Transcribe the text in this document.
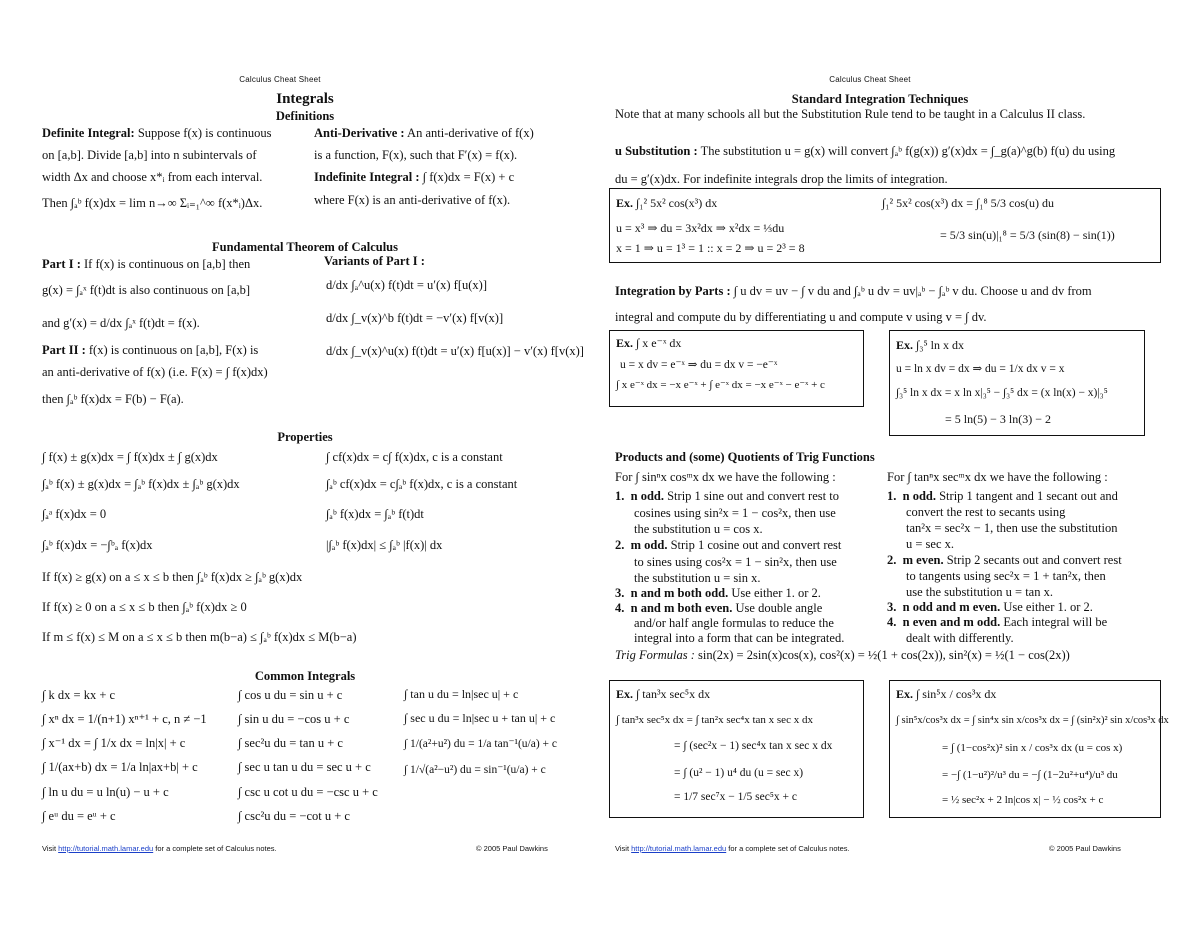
Calculus Cheat Sheet
Integrals
Definitions
Definite Integral: Suppose f(x) is continuous
on [a,b]. Divide [a,b] into n subintervals of
width Δx and choose x*ᵢ from each interval.
Then ∫ₐᵇ f(x)dx = lim n→∞ Σᵢ₌₁^∞ f(x*ᵢ)Δx.
Anti-Derivative : An anti-derivative of f(x)
is a function, F(x), such that F′(x) = f(x).
Indefinite Integral : ∫ f(x)dx = F(x) + c
where F(x) is an anti-derivative of f(x).
Fundamental Theorem of Calculus
Part I : If f(x) is continuous on [a,b] then
g(x) = ∫ₐˣ f(t)dt is also continuous on [a,b]
and g′(x) = d/dx ∫ₐˣ f(t)dt = f(x).
Part II : f(x) is continuous on [a,b], F(x) is
an anti-derivative of f(x) (i.e. F(x) = ∫ f(x)dx)
then ∫ₐᵇ f(x)dx = F(b) − F(a).
Variants of Part I :
d/dx ∫ₐ^u(x) f(t)dt = u′(x) f[u(x)]
d/dx ∫_v(x)^b f(t)dt = −v′(x) f[v(x)]
d/dx ∫_v(x)^u(x) f(t)dt = u′(x) f[u(x)] − v′(x) f[v(x)]
Properties
∫ f(x) ± g(x)dx = ∫ f(x)dx ± ∫ g(x)dx	∫ cf(x)dx = c∫ f(x)dx, c is a constant
∫ₐᵇ f(x) ± g(x)dx = ∫ₐᵇ f(x)dx ± ∫ₐᵇ g(x)dx	∫ₐᵇ cf(x)dx = c∫ₐᵇ f(x)dx, c is a constant
∫ₐᵃ f(x)dx = 0	∫ₐᵇ f(x)dx = ∫ₐᵇ f(t)dt
∫ₐᵇ f(x)dx = −∫ᵇₐ f(x)dx	|∫ₐᵇ f(x)dx| ≤ ∫ₐᵇ |f(x)| dx
If f(x) ≥ g(x) on a ≤ x ≤ b then ∫ₐᵇ f(x)dx ≥ ∫ₐᵇ g(x)dx
If f(x) ≥ 0 on a ≤ x ≤ b then ∫ₐᵇ f(x)dx ≥ 0
If m ≤ f(x) ≤ M on a ≤ x ≤ b then m(b−a) ≤ ∫ₐᵇ f(x)dx ≤ M(b−a)
Common Integrals
∫ k dx = kx + c
∫ xⁿ dx = 1/(n+1) xⁿ⁺¹ + c, n ≠ −1
∫ x⁻¹ dx = ∫ 1/x dx = ln|x| + c
∫ 1/(ax+b) dx = 1/a ln|ax+b| + c
∫ ln u du = u ln(u) − u + c
∫ eᵘ du = eᵘ + c
∫ cos u du = sin u + c
∫ sin u du = −cos u + c
∫ sec²u du = tan u + c
∫ sec u tan u du = sec u + c
∫ csc u cot u du = −csc u + c
∫ csc²u du = −cot u + c
∫ tan u du = ln|sec u| + c
∫ sec u du = ln|sec u + tan u| + c
∫ 1/(a²+u²) du = 1/a tan⁻¹(u/a) + c
∫ 1/√(a²−u²) du = sin⁻¹(u/a) + c
Visit http://tutorial.math.lamar.edu for a complete set of Calculus notes.	© 2005 Paul Dawkins
Calculus Cheat Sheet
Standard Integration Techniques
Note that at many schools all but the Substitution Rule tend to be taught in a Calculus II class.
u Substitution : The substitution u = g(x) will convert ∫ₐᵇ f(g(x)) g′(x)dx = ∫_g(a)^g(b) f(u) du using
du = g′(x)dx. For indefinite integrals drop the limits of integration.
Ex. ∫₁² 5x² cos(x³) dx
u = x³ ⇒ du = 3x²dx ⇒ x²dx = ⅓du
x = 1 ⇒ u = 1³ = 1 :: x = 2 ⇒ u = 2³ = 8
∫₁² 5x² cos(x³) dx = ∫₁⁸ 5/3 cos(u) du
= 5/3 sin(u)|₁⁸ = 5/3 (sin(8) − sin(1))
Integration by Parts : ∫ u dv = uv − ∫ v du and ∫ₐᵇ u dv = uv|ₐᵇ − ∫ₐᵇ v du. Choose u and dv from
integral and compute du by differentiating u and compute v using v = ∫ dv.
Ex. ∫ x e⁻ˣ dx
u = x dv = e⁻ˣ ⇒ du = dx v = −e⁻ˣ
∫ x e⁻ˣ dx = −x e⁻ˣ + ∫ e⁻ˣ dx = −x e⁻ˣ − e⁻ˣ + c
Ex. ∫₃⁵ ln x dx
u = ln x dv = dx ⇒ du = 1/x dx v = x
∫₃⁵ ln x dx = x ln x|₃⁵ − ∫₃⁵ dx = (x ln(x) − x)|₃⁵
= 5 ln(5) − 3 ln(3) − 2
Products and (some) Quotients of Trig Functions
For ∫ sinⁿx cosᵐx dx we have the following :
1. n odd. Strip 1 sine out and convert rest to
cosines using sin²x = 1 − cos²x, then use
the substitution u = cos x.
2. m odd. Strip 1 cosine out and convert rest
to sines using cos²x = 1 − sin²x, then use
the substitution u = sin x.
3. n and m both odd. Use either 1. or 2.
4. n and m both even. Use double angle
and/or half angle formulas to reduce the
integral into a form that can be integrated.
For ∫ tanⁿx secᵐx dx we have the following :
1. n odd. Strip 1 tangent and 1 secant out and
convert the rest to secants using
tan²x = sec²x − 1, then use the substitution
u = sec x.
2. m even. Strip 2 secants out and convert rest
to tangents using sec²x = 1 + tan²x, then
use the substitution u = tan x.
3. n odd and m even. Use either 1. or 2.
4. n even and m odd. Each integral will be
dealt with differently.
Trig Formulas : sin(2x) = 2sin(x)cos(x), cos²(x) = ½(1 + cos(2x)), sin²(x) = ½(1 − cos(2x))
Ex. ∫ tan³x sec⁵x dx
∫ tan³x sec⁵x dx = ∫ tan²x sec⁴x tan x sec x dx
= ∫ (sec²x − 1) sec⁴x tan x sec x dx
= ∫ (u² − 1) u⁴ du (u = sec x)
= 1/7 sec⁷x − 1/5 sec⁵x + c
Ex. ∫ sin⁵x / cos³x dx
∫ sin⁵x/cos³x dx = ∫ sin⁴x sin x/cos³x dx = ∫ (sin²x)² sin x/cos³x dx
= ∫ (1−cos²x)² sin x / cos³x dx (u = cos x)
= −∫ (1−u²)²/u³ du = −∫ (1−2u²+u⁴)/u³ du
= ½ sec²x + 2 ln|cos x| − ½ cos²x + c
Visit http://tutorial.math.lamar.edu for a complete set of Calculus notes.	© 2005 Paul Dawkins
